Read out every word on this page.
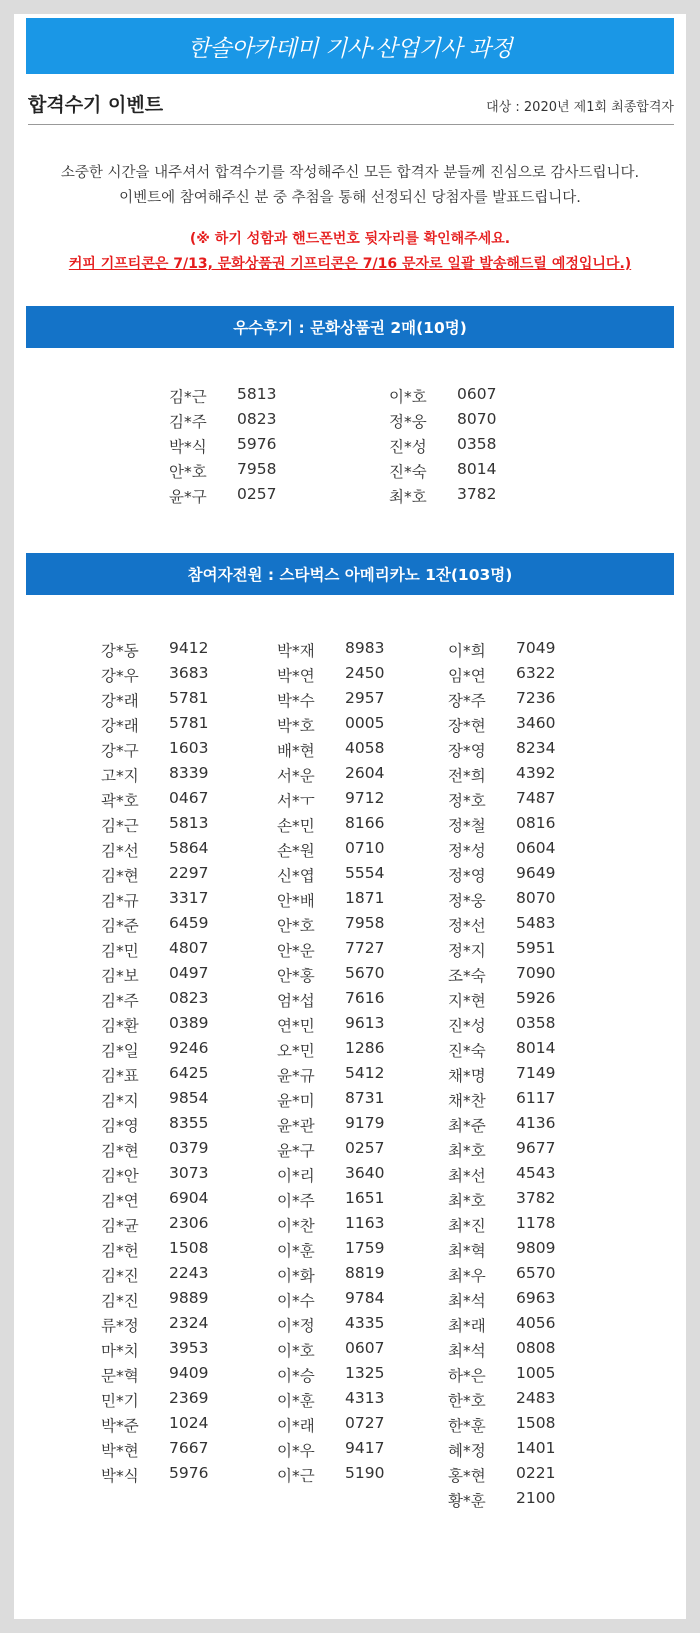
한솔아카데미 기사·산업기사 과정
합격수기 이벤트	대상 : 2020년 제1회 최종합격자
소중한 시간을 내주셔서 합격수기를 작성해주신 모든 합격자 분들께 진심으로 감사드립니다.
이벤트에 참여해주신 분 중 추첨을 통해 선정되신 당첨자를 발표드립니다.
(※ 하기 성함과 핸드폰번호 뒷자리를 확인해주세요.
커피 기프티콘은 7/13, 문화상품권 기프티콘은 7/16 문자로 일괄 발송해드릴 예정입니다.)
우수후기 : 문화상품권 2매(10명)
김*근 5813
김*주 0823
박*식 5976
안*호 7958
윤*구 0257
이*호 0607
정*웅 8070
진*성 0358
진*숙 8014
최*호 3782
참여자전원 : 스타벅스 아메리카노 1잔(103명)
강*동 9412
강*우 3683
강*래 5781
강*래 5781
강*구 1603
고*지 8339
곽*호 0467
김*근 5813
김*선 5864
김*현 2297
김*규 3317
김*준 6459
김*민 4807
김*보 0497
김*주 0823
김*환 0389
김*일 9246
김*표 6425
김*지 9854
김*영 8355
김*현 0379
김*안 3073
김*연 6904
김*균 2306
김*헌 1508
김*진 2243
김*진 9889
류*정 2324
마*치 3953
문*혁 9409
민*기 2369
박*준 1024
박*현 7667
박*식 5976
박*재 8983
박*연 2450
박*수 2957
박*호 0005
배*현 4058
서*운 2604
서*ㅜ 9712
손*민 8166
손*원 0710
신*엽 5554
안*배 1871
안*호 7958
안*운 7727
안*홍 5670
엄*섭 7616
연*민 9613
오*민 1286
윤*규 5412
윤*미 8731
윤*관 9179
윤*구 0257
이*리 3640
이*주 1651
이*찬 1163
이*훈 1759
이*화 8819
이*수 9784
이*정 4335
이*호 0607
이*승 1325
이*훈 4313
이*래 0727
이*우 9417
이*근 5190
이*희 7049
임*연 6322
장*주 7236
장*현 3460
장*영 8234
전*희 4392
정*호 7487
정*철 0816
정*성 0604
정*영 9649
정*웅 8070
정*선 5483
정*지 5951
조*숙 7090
지*현 5926
진*성 0358
진*숙 8014
채*명 7149
채*찬 6117
최*준 4136
최*호 9677
최*선 4543
최*호 3782
최*진 1178
최*혁 9809
최*우 6570
최*석 6963
최*래 4056
최*석 0808
하*은 1005
한*호 2483
한*훈 1508
혜*정 1401
홍*현 0221
황*훈 2100
